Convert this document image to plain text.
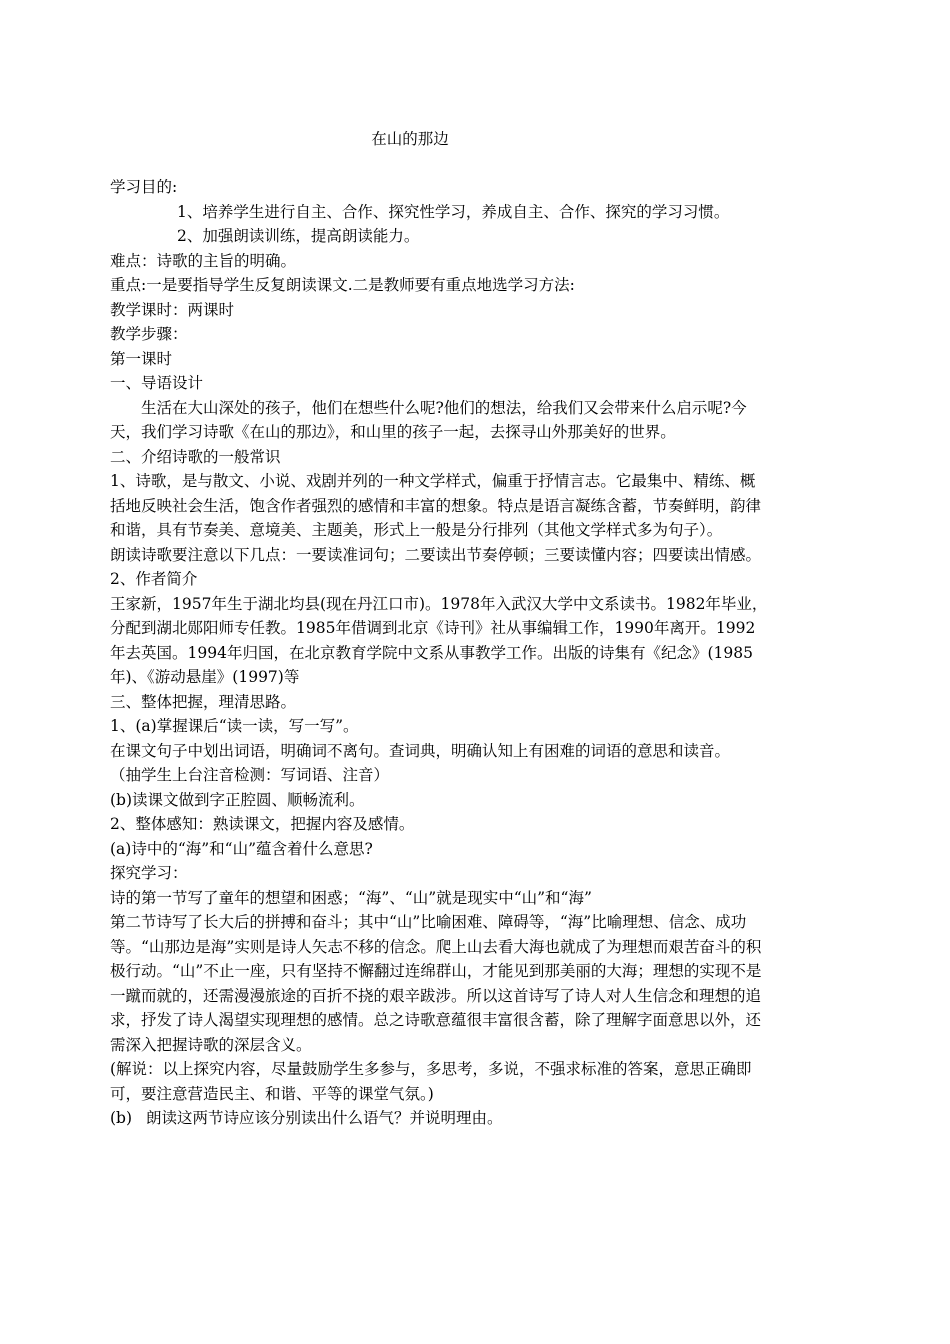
在山的那边
学习目的:
1、培养学生进行自主、合作、探究性学习，养成自主、合作、探究的学习习惯。
2、加强朗读训练，提高朗读能力。
难点：诗歌的主旨的明确。
重点:一是要指导学生反复朗读课文.二是教师要有重点地选学习方法:
教学课时：两课时
教学步骤：
第一课时
一、导语设计
生活在大山深处的孩子，他们在想些什么呢?他们的想法，给我们又会带来什么启示呢?今天，我们学习诗歌《在山的那边》，和山里的孩子一起，去探寻山外那美好的世界。
二、介绍诗歌的一般常识
1、诗歌，是与散文、小说、戏剧并列的一种文学样式，偏重于抒情言志。它最集中、精练、概括地反映社会生活，饱含作者强烈的感情和丰富的想象。特点是语言凝练含蓄，节奏鲜明，韵律和谐，具有节奏美、意境美、主题美，形式上一般是分行排列（其他文学样式多为句子）。
朗读诗歌要注意以下几点：一要读准词句；二要读出节奏停顿；三要读懂内容；四要读出情感。
2、作者简介
王家新，1957年生于湖北均县(现在丹江口市)。1978年入武汉大学中文系读书。1982年毕业，分配到湖北郧阳师专任教。1985年借调到北京《诗刊》社从事编辑工作，1990年离开。1992年去英国。1994年归国，在北京教育学院中文系从事教学工作。出版的诗集有《纪念》(1985年)、《游动悬崖》(1997)等
三、整体把握，理清思路。
1、(a)掌握课后“读一读，写一写”。
在课文句子中划出词语，明确词不离句。查词典，明确认知上有困难的词语的意思和读音。
（抽学生上台注音检测：写词语、注音）
(b)读课文做到字正腔圆、顺畅流利。
2、整体感知：熟读课文，把握内容及感情。
(a)诗中的“海”和“山”蕴含着什么意思?
探究学习：
诗的第一节写了童年的想望和困惑；“海”、“山”就是现实中“山”和“海”
第二节诗写了长大后的拼搏和奋斗；其中“山”比喻困难、障碍等，“海”比喻理想、信念、成功等。“山那边是海”实则是诗人矢志不移的信念。爬上山去看大海也就成了为理想而艰苦奋斗的积极行动。“山”不止一座，只有坚持不懈翻过连绵群山，才能见到那美丽的大海；理想的实现不是一蹴而就的，还需漫漫旅途的百折不挠的艰辛跋涉。所以这首诗写了诗人对人生信念和理想的追求，抒发了诗人渴望实现理想的感情。总之诗歌意蕴很丰富很含蓄，除了理解字面意思以外，还需深入把握诗歌的深层含义。
(解说：以上探究内容，尽量鼓励学生多参与，多思考，多说，不强求标准的答案，意思正确即可，要注意营造民主、和谐、平等的课堂气氛。)
(b) 朗读这两节诗应该分别读出什么语气？并说明理由。
